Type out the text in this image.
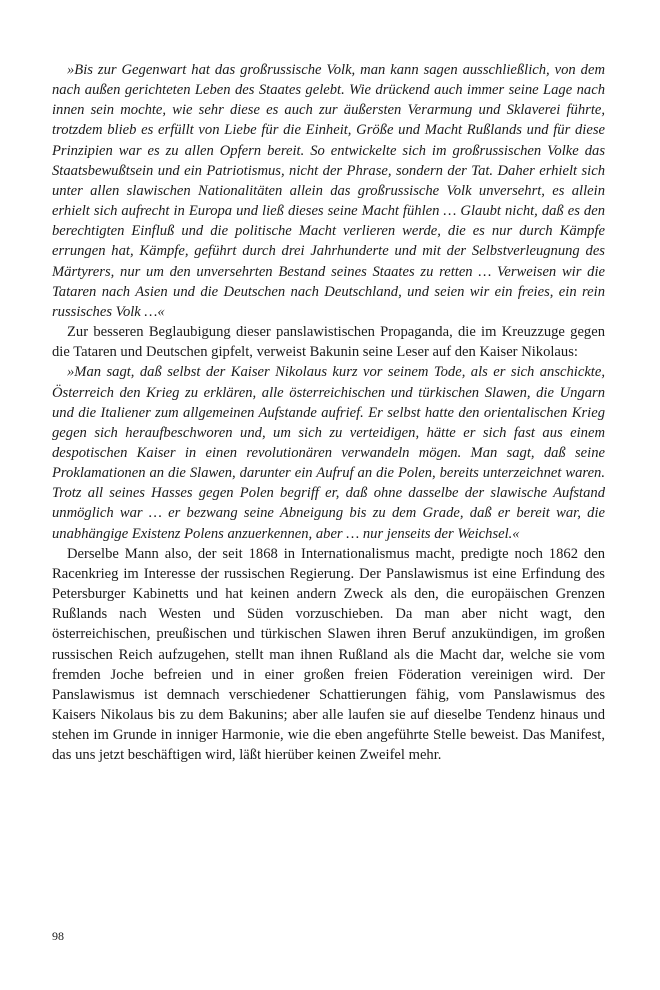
»Bis zur Gegenwart hat das großrussische Volk, man kann sagen ausschließlich, von dem nach außen gerichteten Leben des Staates gelebt. Wie drückend auch immer seine Lage nach innen sein mochte, wie sehr diese es auch zur äußersten Verarmung und Sklaverei führte, trotzdem blieb es erfüllt von Liebe für die Einheit, Größe und Macht Rußlands und für diese Prinzipien war es zu allen Opfern bereit. So entwickelte sich im großrussischen Volke das Staatsbewußtsein und ein Patriotismus, nicht der Phrase, sondern der Tat. Daher erhielt sich unter allen slawischen Nationalitäten allein das großrussische Volk unversehrt, es allein erhielt sich aufrecht in Europa und ließ dieses seine Macht fühlen … Glaubt nicht, daß es den berechtigten Einfluß und die politische Macht verlieren werde, die es nur durch Kämpfe errungen hat, Kämpfe, geführt durch drei Jahrhunderte und mit der Selbstverleugnung des Märtyrers, nur um den unversehrten Bestand seines Staates zu retten … Verweisen wir die Tataren nach Asien und die Deutschen nach Deutschland, und seien wir ein freies, ein rein russisches Volk …«

Zur besseren Beglaubigung dieser panslawistischen Propaganda, die im Kreuzzuge gegen die Tataren und Deutschen gipfelt, verweist Bakunin seine Leser auf den Kaiser Nikolaus:

»Man sagt, daß selbst der Kaiser Nikolaus kurz vor seinem Tode, als er sich anschickte, Österreich den Krieg zu erklären, alle österreichischen und türkischen Slawen, die Ungarn und die Italiener zum allgemeinen Aufstande aufrief. Er selbst hatte den orientalischen Krieg gegen sich heraufbeschworen und, um sich zu verteidigen, hätte er sich fast aus einem despotischen Kaiser in einen revolutionären verwandeln mögen. Man sagt, daß seine Proklamationen an die Slawen, darunter ein Aufruf an die Polen, bereits unterzeichnet waren. Trotz all seines Hasses gegen Polen begriff er, daß ohne dasselbe der slawische Aufstand unmöglich war … er bezwang seine Abneigung bis zu dem Grade, daß er bereit war, die unabhängige Existenz Polens anzuerkennen, aber … nur jenseits der Weichsel.«

Derselbe Mann also, der seit 1868 in Internationalismus macht, predigte noch 1862 den Racenkrieg im Interesse der russischen Regierung. Der Panslawismus ist eine Erfindung des Petersburger Kabinetts und hat keinen andern Zweck als den, die europäischen Grenzen Rußlands nach Westen und Süden vorzuschieben. Da man aber nicht wagt, den österreichischen, preußischen und türkischen Slawen ihren Beruf anzukündigen, im großen russischen Reich aufzugehen, stellt man ihnen Rußland als die Macht dar, welche sie vom fremden Joche befreien und in einer großen freien Föderation vereinigen wird. Der Panslawismus ist demnach verschiedener Schattierungen fähig, vom Panslawismus des Kaisers Nikolaus bis zu dem Bakunins; aber alle laufen sie auf dieselbe Tendenz hinaus und stehen im Grunde in inniger Harmonie, wie die eben angeführte Stelle beweist. Das Manifest, das uns jetzt beschäftigen wird, läßt hierüber keinen Zweifel mehr.

98
